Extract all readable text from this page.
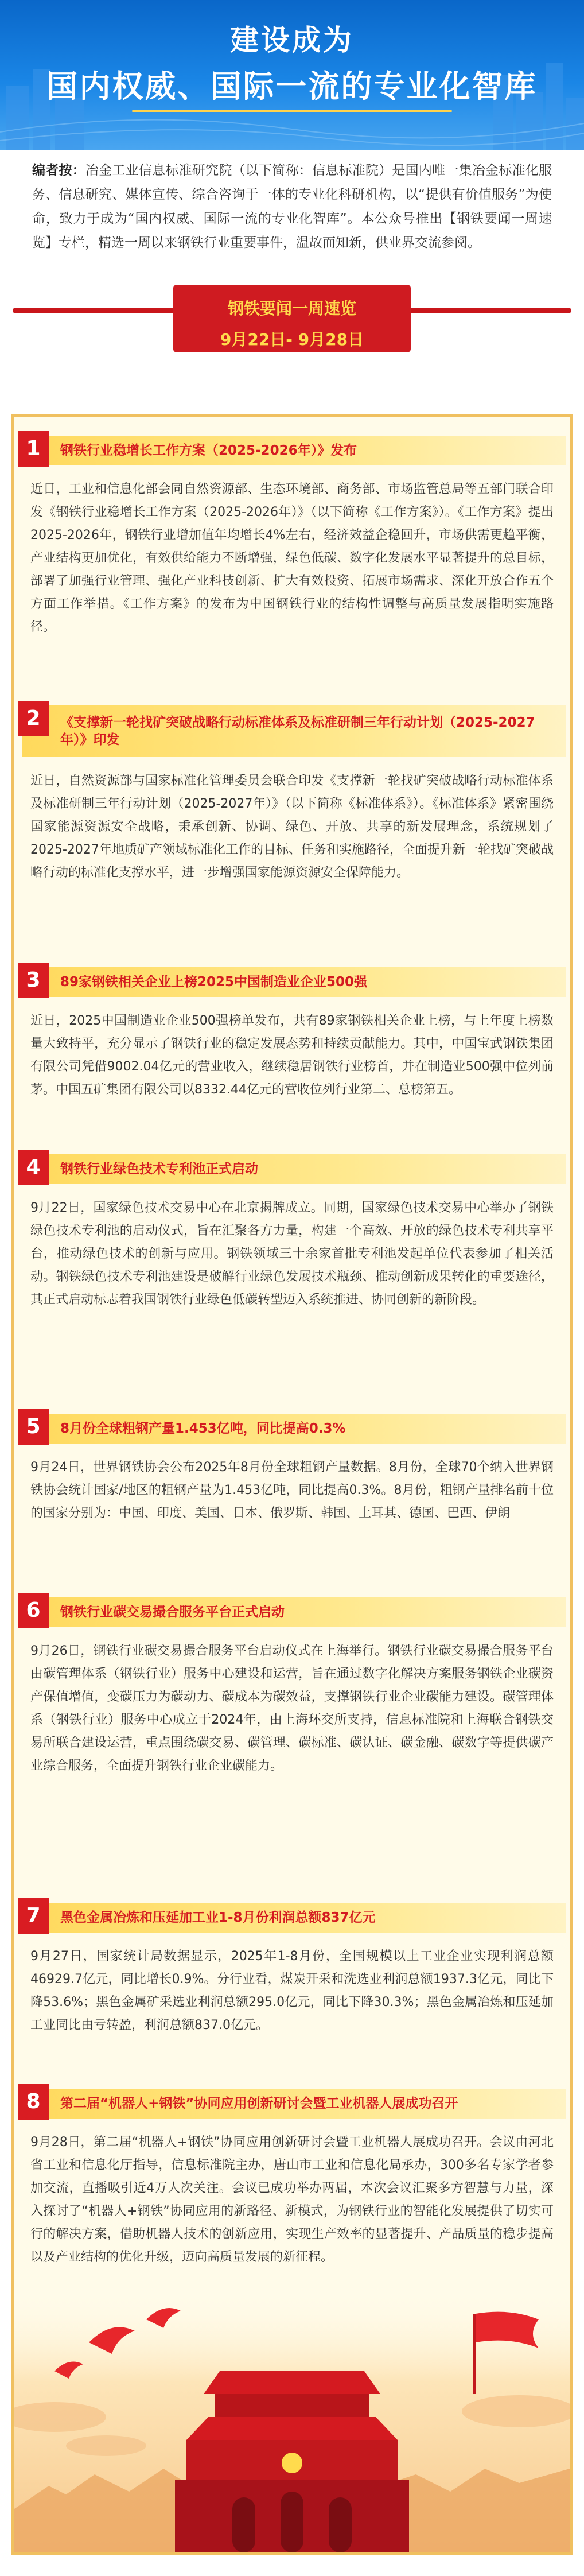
建设成为
国内权威、国际一流的专业化智库
编者按：冶金工业信息标准研究院（以下简称：信息标准院）是国内唯一集冶金标准化服务、信息研究、媒体宣传、综合咨询于一体的专业化科研机构，以“提供有价值服务”为使命，致力于成为“国内权威、国际一流的专业化智库”。本公众号推出【钢铁要闻一周速览】专栏，精选一周以来钢铁行业重要事件，温故而知新，供业界交流参阅。
钢铁要闻一周速览
9月22日- 9月28日
1	钢铁行业稳增长工作方案（2025-2026年）》发布
近日，工业和信息化部会同自然资源部、生态环境部、商务部、市场监管总局等五部门联合印发《钢铁行业稳增长工作方案（2025-2026年）》（以下简称《工作方案》）。《工作方案》提出2025-2026年，钢铁行业增加值年均增长4%左右，经济效益企稳回升，市场供需更趋平衡，产业结构更加优化，有效供给能力不断增强，绿色低碳、数字化发展水平显著提升的总目标，部署了加强行业管理、强化产业科技创新、扩大有效投资、拓展市场需求、深化开放合作五个方面工作举措。《工作方案》的发布为中国钢铁行业的结构性调整与高质量发展指明实施路径。
2	《支撑新一轮找矿突破战略行动标准体系及标准研制三年行动计划（2025-2027年）》印发
近日，自然资源部与国家标准化管理委员会联合印发《支撑新一轮找矿突破战略行动标准体系及标准研制三年行动计划（2025-2027年）》（以下简称《标准体系》）。《标准体系》紧密围绕国家能源资源安全战略，秉承创新、协调、绿色、开放、共享的新发展理念，系统规划了2025-2027年地质矿产领域标准化工作的目标、任务和实施路径，全面提升新一轮找矿突破战略行动的标准化支撑水平，进一步增强国家能源资源安全保障能力。
3	89家钢铁相关企业上榜2025中国制造业企业500强
近日，2025中国制造业企业500强榜单发布，共有89家钢铁相关企业上榜，与上年度上榜数量大致持平，充分显示了钢铁行业的稳定发展态势和持续贡献能力。其中，中国宝武钢铁集团有限公司凭借9002.04亿元的营业收入，继续稳居钢铁行业榜首，并在制造业500强中位列前茅。中国五矿集团有限公司以8332.44亿元的营收位列行业第二、总榜第五。
4	钢铁行业绿色技术专利池正式启动
9月22日，国家绿色技术交易中心在北京揭牌成立。同期，国家绿色技术交易中心举办了钢铁绿色技术专利池的启动仪式，旨在汇聚各方力量，构建一个高效、开放的绿色技术专利共享平台，推动绿色技术的创新与应用。钢铁领域三十余家首批专利池发起单位代表参加了相关活动。钢铁绿色技术专利池建设是破解行业绿色发展技术瓶颈、推动创新成果转化的重要途径，其正式启动标志着我国钢铁行业绿色低碳转型迈入系统推进、协同创新的新阶段。
5	8月份全球粗钢产量1.453亿吨，同比提高0.3%
9月24日，世界钢铁协会公布2025年8月份全球粗钢产量数据。8月份，全球70个纳入世界钢铁协会统计国家/地区的粗钢产量为1.453亿吨，同比提高0.3%。8月份，粗钢产量排名前十位的国家分别为：中国、印度、美国、日本、俄罗斯、韩国、土耳其、德国、巴西、伊朗
6	钢铁行业碳交易撮合服务平台正式启动
9月26日，钢铁行业碳交易撮合服务平台启动仪式在上海举行。钢铁行业碳交易撮合服务平台由碳管理体系（钢铁行业）服务中心建设和运营，旨在通过数字化解决方案服务钢铁企业碳资产保值增值，变碳压力为碳动力、碳成本为碳效益，支撑钢铁行业企业碳能力建设。碳管理体系（钢铁行业）服务中心成立于2024年，由上海环交所支持，信息标准院和上海联合钢铁交易所联合建设运营，重点围绕碳交易、碳管理、碳标准、碳认证、碳金融、碳数字等提供碳产业综合服务，全面提升钢铁行业企业碳能力。
7	黑色金属冶炼和压延加工业1-8月份利润总额837亿元
9月27日，国家统计局数据显示，2025年1-8月份，全国规模以上工业企业实现利润总额46929.7亿元，同比增长0.9%。分行业看，煤炭开采和洗选业利润总额1937.3亿元，同比下降53.6%；黑色金属矿采选业利润总额295.0亿元，同比下降30.3%；黑色金属冶炼和压延加工业同比由亏转盈，利润总额837.0亿元。
8	第二届“机器人+钢铁”协同应用创新研讨会暨工业机器人展成功召开
9月28日，第二届“机器人+钢铁”协同应用创新研讨会暨工业机器人展成功召开。会议由河北省工业和信息化厅指导，信息标准院主办，唐山市工业和信息化局承办，300多名专家学者参加交流，直播吸引近4万人次关注。会议已成功举办两届，本次会议汇聚多方智慧与力量，深入探讨了“机器人+钢铁”协同应用的新路径、新模式，为钢铁行业的智能化发展提供了切实可行的解决方案，借助机器人技术的创新应用，实现生产效率的显著提升、产品质量的稳步提高以及产业结构的优化升级，迈向高质量发展的新征程。
